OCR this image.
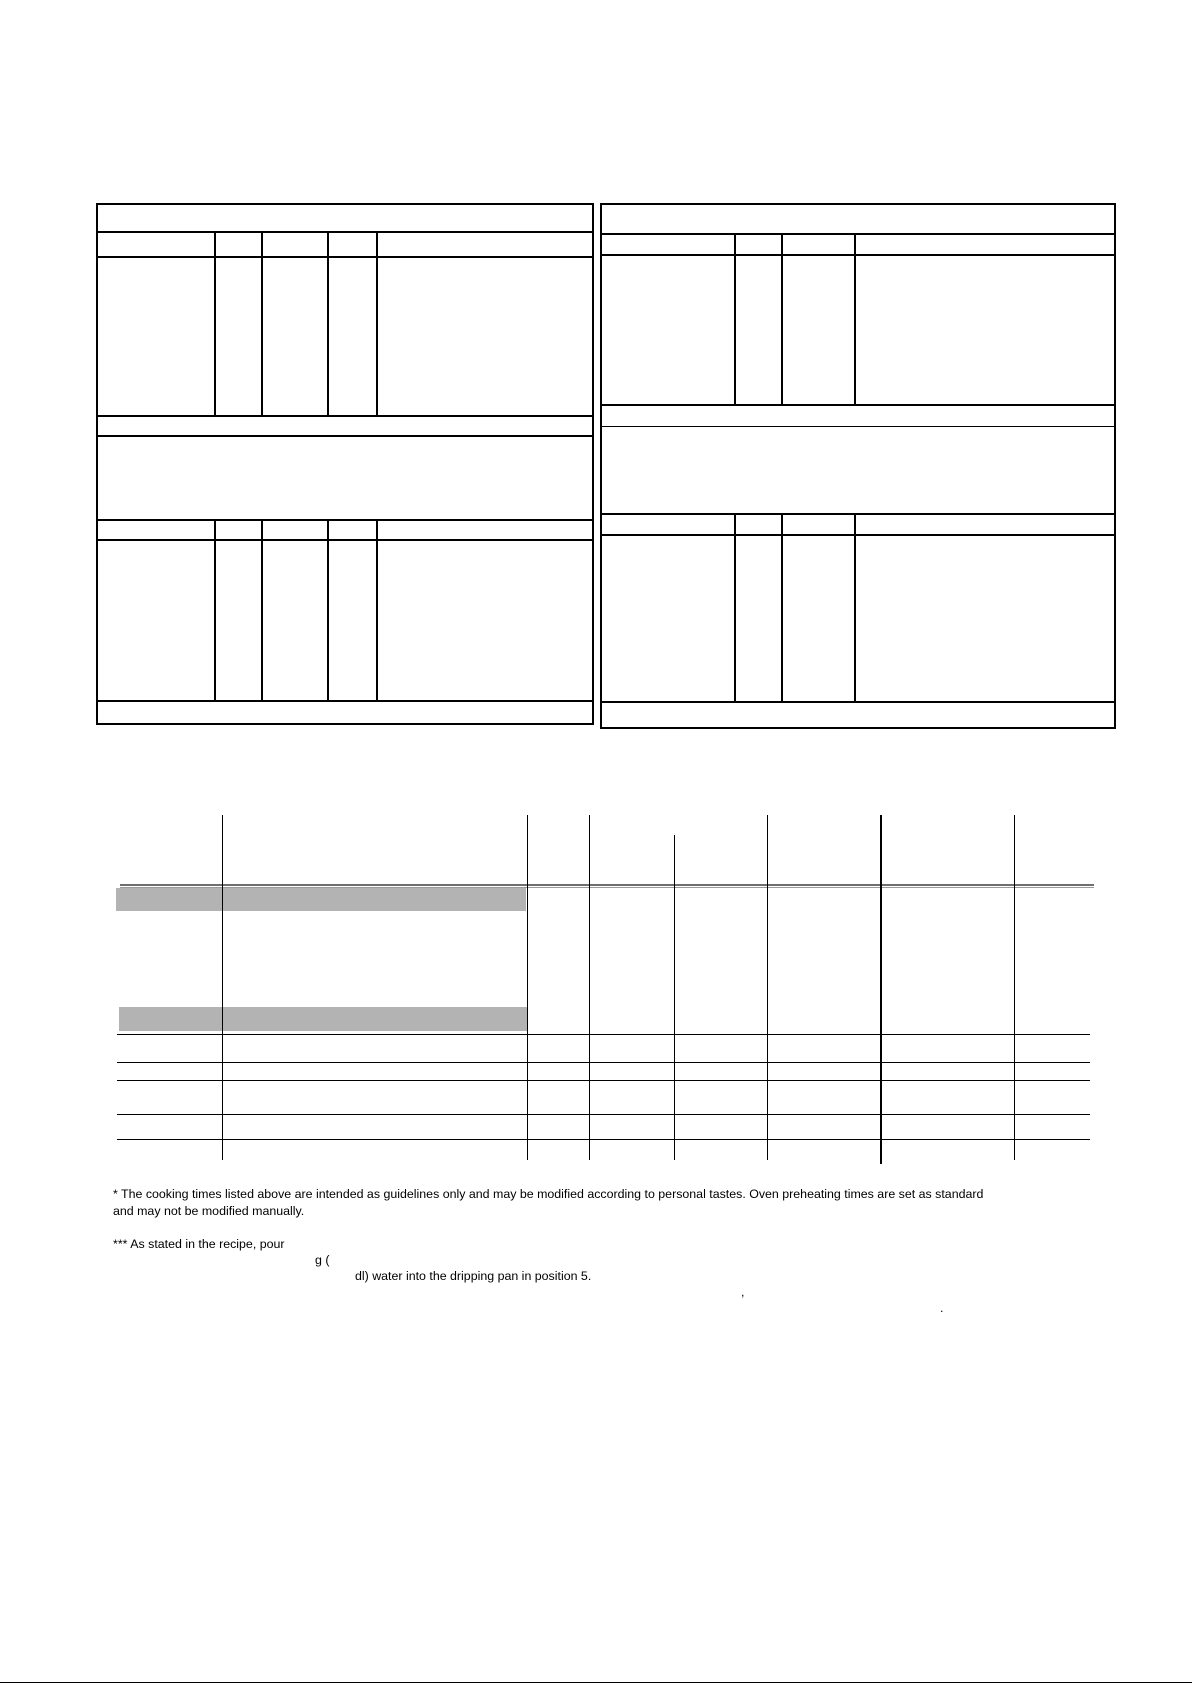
* The cooking times listed above are intended as guidelines only and may be modified according to personal tastes. Oven preheating times are set as standard
and may not be modified manually.

*** As stated in the recipe, pour

g (

dl) water into the dripping pan in position 5.

,

.
